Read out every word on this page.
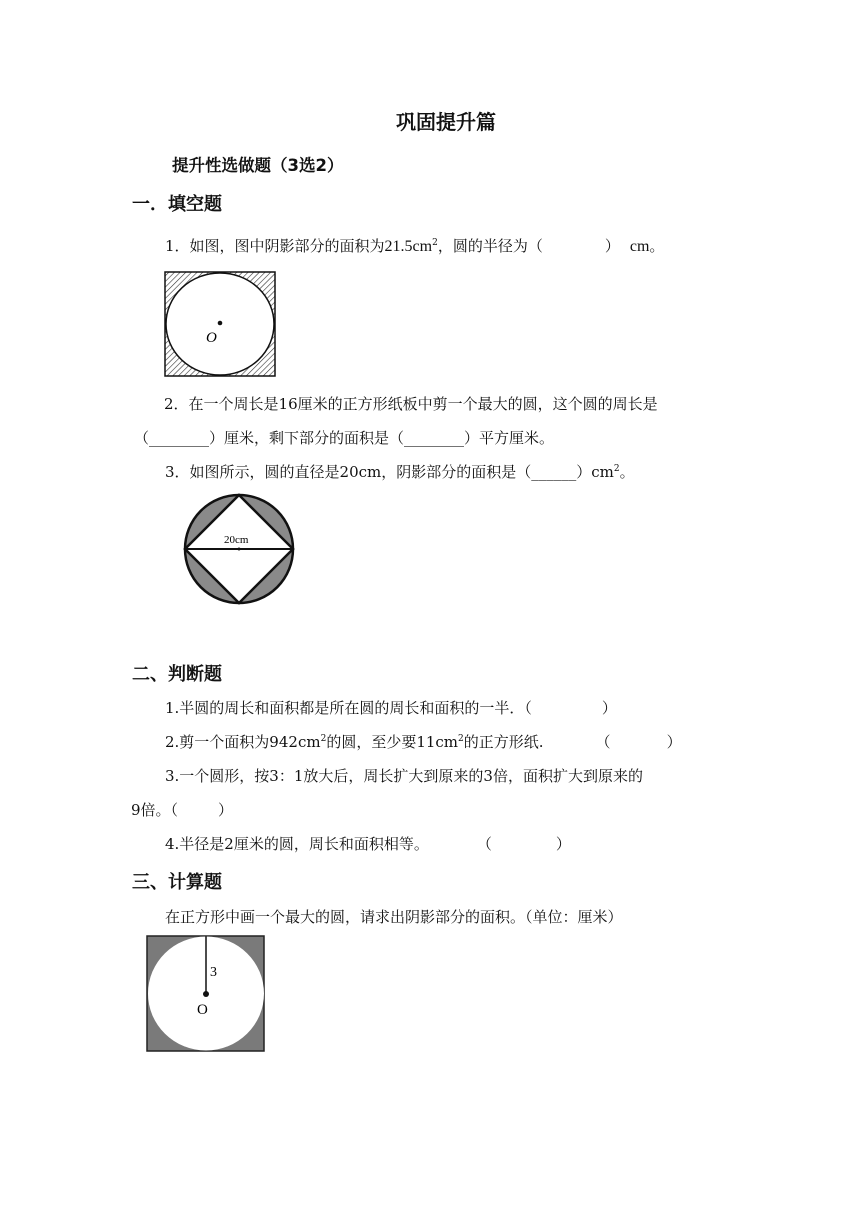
巩固提升篇
提升性选做题（3选2）
一．填空题
1．如图，图中阴影部分的面积为$21.5cm^2$，圆的半径为（	） cm。
O
2．在一个周长是16厘米的正方形纸板中剪一个最大的圆，这个圆的周长是
（________）厘米，剩下部分的面积是（________）平方厘米。
3．如图所示，圆的直径是20cm，阴影部分的面积是$(\_\_\_\_\_\_)cm^2$。
20cm
二、判断题
1.半圆的周长和面积都是所在圆的周长和面积的一半．（	）
2.剪一个面积为$942cm^2$的圆，至少要$11cm^2$的正方形纸.	（	）
3.一个圆形，按3：1放大后，周长扩大到原来的3倍，面积扩大到原来的
9倍。（	）
4.半径是2厘米的圆，周长和面积相等。	（	）
三、计算题
在正方形中画一个最大的圆，请求出阴影部分的面积。（单位：厘米）
3
O
